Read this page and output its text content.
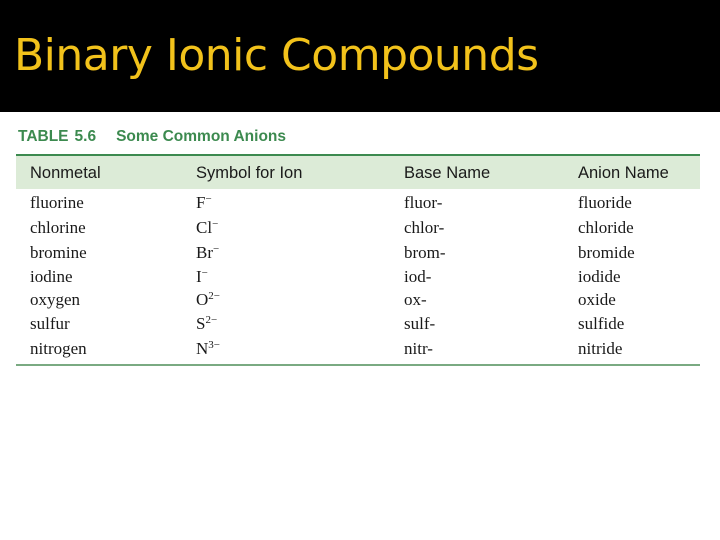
Binary Ionic Compounds
TABLE 5.6 Some Common Anions
Nonmetal	Symbol for Ion	Base Name	Anion Name
fluorine	F−	fluor-	fluoride
chlorine	Cl−	chlor-	chloride
bromine	Br−	brom-	bromide
iodine	I−	iod-	iodide
oxygen	$O^{2-}$	ox-	oxide
sulfur	$S^{2-}$	sulf-	sulfide
nitrogen	$N^{3-}$	nitr-	nitride
